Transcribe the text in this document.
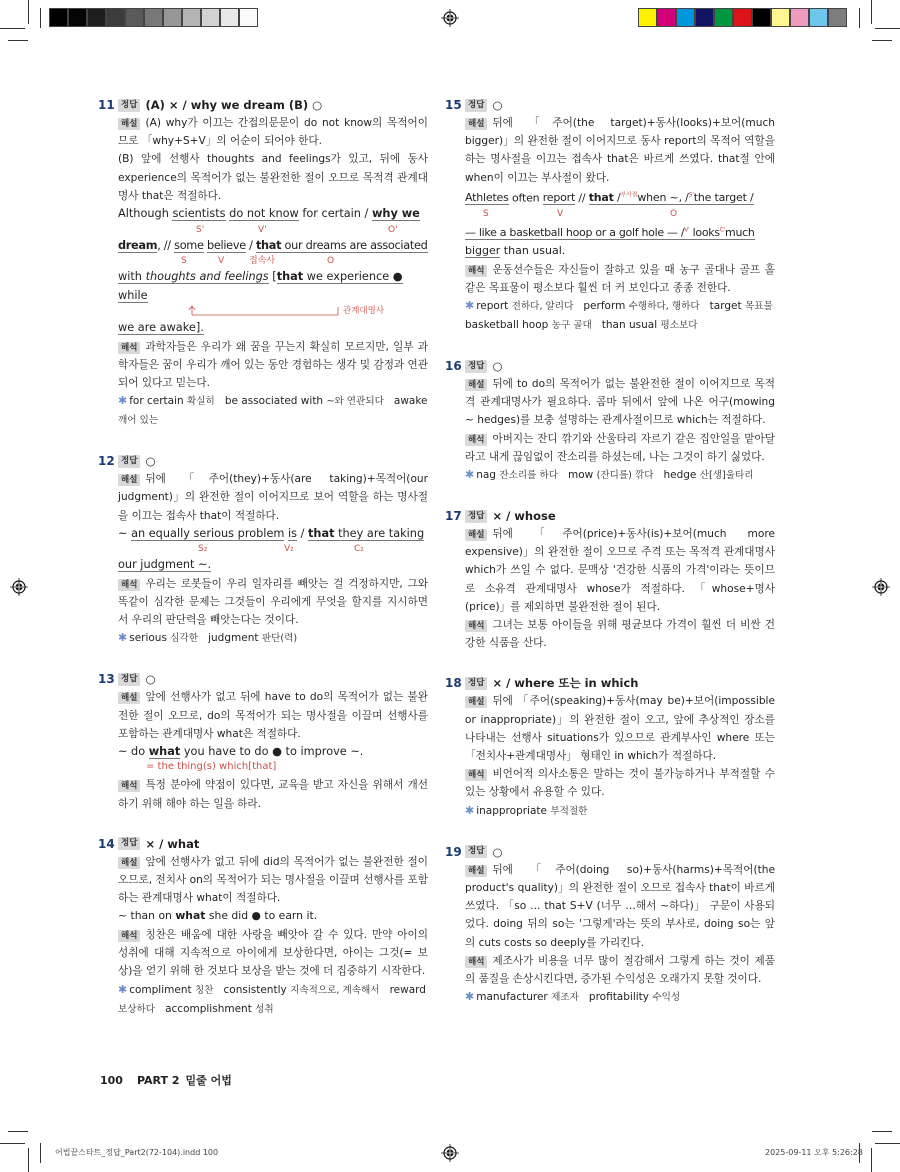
11 정답 (A) × / why we dream (B) ○
해설 (A) why가 이끄는 간접의문문이 do not know의 목적어이므로 「why+S+V」의 어순이 되어야 한다.
(B) 앞에 선행사 thoughts and feelings가 있고, 뒤에 동사 experience의 목적어가 없는 불완전한 절이 오므로 목적격 관계대명사 that은 적절하다.
Although scientists do not know for certain / why we
S'	V'	O'
dream, // some believe / that our dreams are associated
S	V	접속사	O
with thoughts and feelings [that we experience ● while
관계대명사
we are awake].
해석 과학자들은 우리가 왜 꿈을 꾸는지 확실히 모르지만, 일부 과학자들은 꿈이 우리가 깨어 있는 동안 경험하는 생각 및 감정과 연관되어 있다고 믿는다.
✱ for certain 확실히 be associated with ~와 연관되다 awake 깨어 있는
12 정답 ○
해설 뒤에 「주어(they)+동사(are taking)+목적어(our judgment)」의 완전한 절이 이어지므로 보어 역할을 하는 명사절을 이끄는 접속사 that이 적절하다.
~ an equally serious problem is / that they are taking
S₂	V₂	C₂
our judgment ~.
해석 우리는 로봇들이 우리 일자리를 빼앗는 걸 걱정하지만, 그와 똑같이 심각한 문제는 그것들이 우리에게 무엇을 할지를 지시하면서 우리의 판단력을 빼앗는다는 것이다.
✱ serious 심각한 judgment 판단(력)
13 정답 ○
해설 앞에 선행사가 없고 뒤에 have to do의 목적어가 없는 불완전한 절이 오므로, do의 목적어가 되는 명사절을 이끌며 선행사를 포함하는 관계대명사 what은 적절하다.
~ do what you have to do ● to improve ~.
= the thing(s) which[that]
해석 특정 분야에 약점이 있다면, 교육을 받고 자신을 위해서 개선하기 위해 해야 하는 일을 하라.
14 정답 × / what
해설 앞에 선행사가 없고 뒤에 did의 목적어가 없는 불완전한 절이 오므로, 전치사 on의 목적어가 되는 명사절을 이끌며 선행사를 포함하는 관계대명사 what이 적절하다.
~ than on what she did ● to earn it.
해석 칭찬은 배움에 대한 사랑을 빼앗아 갈 수 있다. 만약 아이의 성취에 대해 지속적으로 아이에게 보상한다면, 아이는 그것(= 보상)을 얻기 위해 한 것보다 보상을 받는 것에 더 집중하기 시작한다.
✱ compliment 칭찬 consistently 지속적으로, 계속해서 reward 보상하다 accomplishment 성취
15 정답 ○
해설 뒤에 「주어(the target)+동사(looks)+보어(much bigger)」의 완전한 절이 이어지므로 동사 report의 목적어 역할을 하는 명사절을 이끄는 접속사 that은 바르게 쓰였다. that절 안에 when이 이끄는 부사절이 왔다.
Athletes often report // that /$^{부사절}$when ~, /$^{S'}$the target /
S	V	O
— like a basketball hoop or a golf hole — /$^{V'}$ looks$^{C'}$much
bigger than usual.
해석 운동선수들은 자신들이 잘하고 있을 때 농구 골대나 골프 홀 같은 목표물이 평소보다 훨씬 더 커 보인다고 종종 전한다.
✱ report 전하다, 알리다 perform 수행하다, 행하다 target 목표물
basketball hoop 농구 골대 than usual 평소보다
16 정답 ○
해설 뒤에 to do의 목적어가 없는 불완전한 절이 이어지므로 목적격 관계대명사가 필요하다. 콤마 뒤에서 앞에 나온 어구(mowing ~ hedges)를 보충 설명하는 관계사절이므로 which는 적절하다.
해석 아버지는 잔디 깎기와 산울타리 자르기 같은 집안일을 맡아달라고 내게 끊임없이 잔소리를 하셨는데, 나는 그것이 하기 싫었다.
✱ nag 잔소리를 하다 mow (잔디를) 깎다 hedge 산[생]울타리
17 정답 × / whose
해설 뒤에 「주어(price)+동사(is)+보어(much more expensive)」의 완전한 절이 오므로 주격 또는 목적격 관계대명사 which가 쓰일 수 없다. 문맥상 '건강한 식품의 가격'이라는 뜻이므로 소유격 관계대명사 whose가 적절하다. 「whose+명사(price)」를 제외하면 불완전한 절이 된다.
해석 그녀는 보통 아이들을 위해 평균보다 가격이 훨씬 더 비싼 건강한 식품을 산다.
18 정답 × / where 또는 in which
해설 뒤에 「주어(speaking)+동사(may be)+보어(impossible or inappropriate)」의 완전한 절이 오고, 앞에 추상적인 장소를 나타내는 선행사 situations가 있으므로 관계부사인 where 또는 「전치사+관계대명사」 형태인 in which가 적절하다.
해석 비언어적 의사소통은 말하는 것이 불가능하거나 부적절할 수 있는 상황에서 유용할 수 있다.
✱ inappropriate 부적절한
19 정답 ○
해설 뒤에 「주어(doing so)+동사(harms)+목적어(the product's quality)」의 완전한 절이 오므로 접속사 that이 바르게 쓰였다. 「so ... that S+V (너무 …해서 ~하다)」 구문이 사용되었다. doing 뒤의 so는 '그렇게'라는 뜻의 부사로, doing so는 앞의 cuts costs so deeply를 가리킨다.
해석 제조사가 비용을 너무 많이 절감해서 그렇게 하는 것이 제품의 품질을 손상시킨다면, 증가된 수익성은 오래가지 못할 것이다.
✱ manufacturer 제조자 profitability 수익성
100 PART 2 밑줄 어법
어법끝스타트_정답_Part2(72-104).indd 100	2025-09-11 오후 5:26:28
